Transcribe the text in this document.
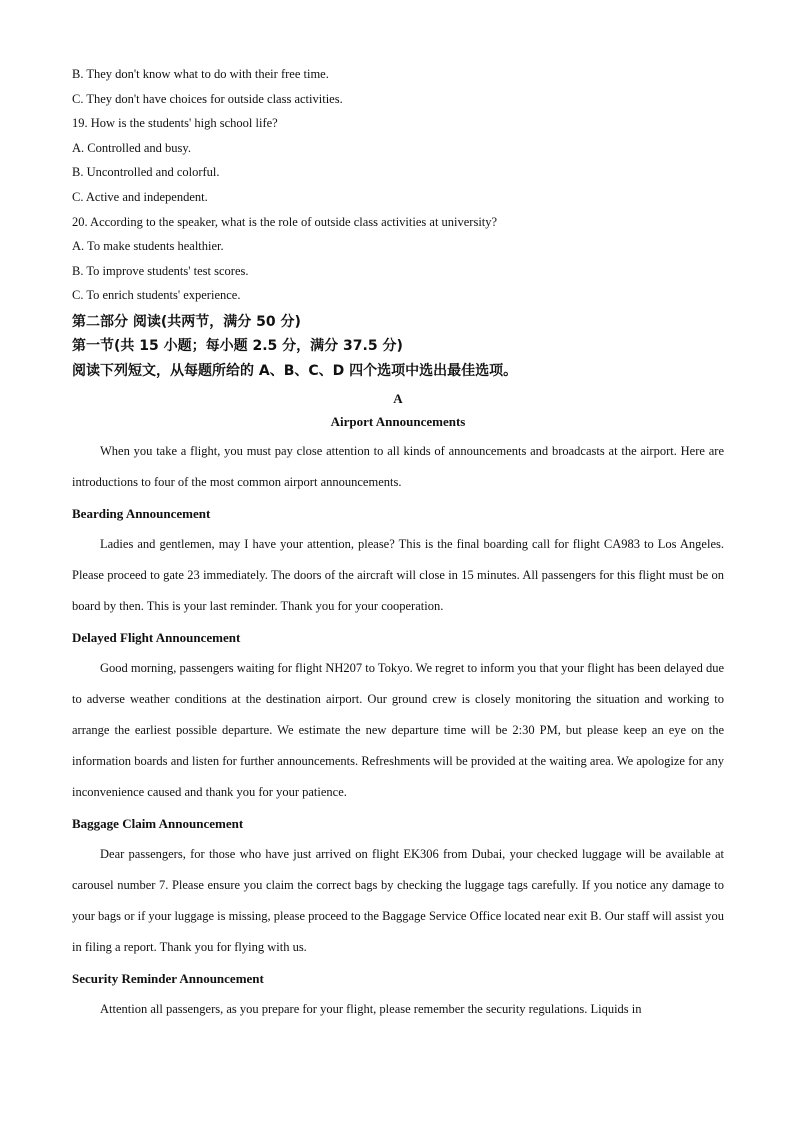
B. They don't know what to do with their free time.
C. They don't have choices for outside class activities.
19. How is the students' high school life?
A. Controlled and busy.
B. Uncontrolled and colorful.
C. Active and independent.
20. According to the speaker, what is the role of outside class activities at university?
A. To make students healthier.
B. To improve students' test scores.
C. To enrich students' experience.
第二部分 阅读(共两节，满分 50 分)
第一节(共 15 小题；每小题 2.5 分，满分 37.5 分)
阅读下列短文，从每题所给的 A、B、C、D 四个选项中选出最佳选项。
A
Airport Announcements

When you take a flight, you must pay close attention to all kinds of announcements and broadcasts at the airport. Here are introductions to four of the most common airport announcements.

Bearding Announcement

Ladies and gentlemen, may I have your attention, please? This is the final boarding call for flight CA983 to Los Angeles. Please proceed to gate 23 immediately. The doors of the aircraft will close in 15 minutes. All passengers for this flight must be on board by then. This is your last reminder. Thank you for your cooperation.

Delayed Flight Announcement

Good morning, passengers waiting for flight NH207 to Tokyo. We regret to inform you that your flight has been delayed due to adverse weather conditions at the destination airport. Our ground crew is closely monitoring the situation and working to arrange the earliest possible departure. We estimate the new departure time will be 2:30 PM, but please keep an eye on the information boards and listen for further announcements. Refreshments will be provided at the waiting area. We apologize for any inconvenience caused and thank you for your patience.

Baggage Claim Announcement

Dear passengers, for those who have just arrived on flight EK306 from Dubai, your checked luggage will be available at carousel number 7. Please ensure you claim the correct bags by checking the luggage tags carefully. If you notice any damage to your bags or if your luggage is missing, please proceed to the Baggage Service Office located near exit B. Our staff will assist you in filing a report. Thank you for flying with us.

Security Reminder Announcement

Attention all passengers, as you prepare for your flight, please remember the security regulations. Liquids in
